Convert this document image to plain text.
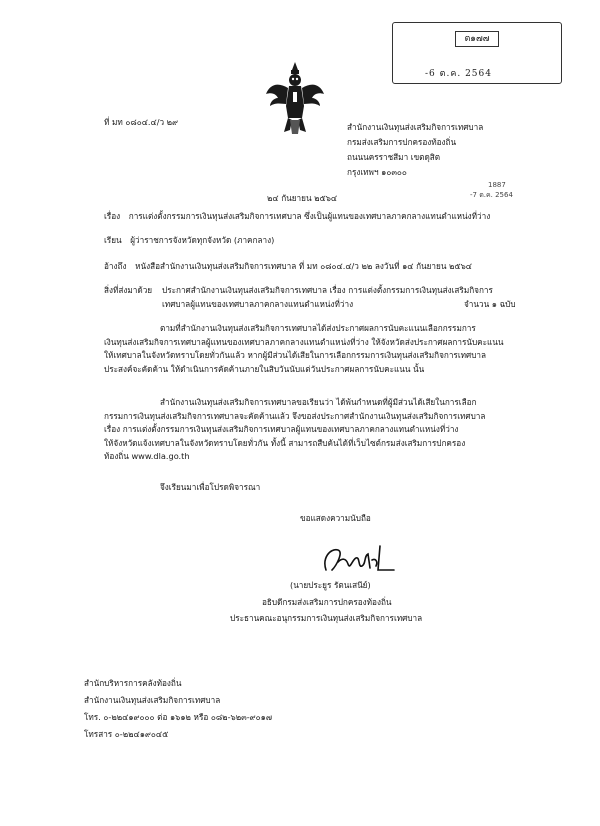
ต๑๗๗
-6 ต.ค. 2564
ที่ มท ๐๘๐๔.๔/ว ๒๙	สำนักงานเงินทุนส่งเสริมกิจการเทศบาล
กรมส่งเสริมการปกครองท้องถิ่น
ถนนนครราชสีมา เขตดุสิต
กรุงเทพฯ ๑๐๓๐๐
1887
-7 ต.ค. 2564
๒๔ กันยายน ๒๕๖๔
เรื่อง การแต่งตั้งกรรมการเงินทุนส่งเสริมกิจการเทศบาล ซึ่งเป็นผู้แทนของเทศบาลภาคกลางแทนตำแหน่งที่ว่าง
เรียน ผู้ว่าราชการจังหวัดทุกจังหวัด (ภาคกลาง)
อ้างถึง หนังสือสำนักงานเงินทุนส่งเสริมกิจการเทศบาล ที่ มท ๐๘๐๔.๔/ว ๒๒ ลงวันที่ ๑๔ กันยายน ๒๕๖๔
สิ่งที่ส่งมาด้วย ประกาศสำนักงานเงินทุนส่งเสริมกิจการเทศบาล เรื่อง การแต่งตั้งกรรมการเงินทุนส่งเสริมกิจการ
เทศบาลผู้แทนของเทศบาลภาคกลางแทนตำแหน่งที่ว่าง	จำนวน ๑ ฉบับ
ตามที่สำนักงานเงินทุนส่งเสริมกิจการเทศบาลได้ส่งประกาศผลการนับคะแนนเลือกกรรมการ
เงินทุนส่งเสริมกิจการเทศบาลผู้แทนของเทศบาลภาคกลางแทนตำแหน่งที่ว่าง ให้จังหวัดส่งประกาศผลการนับคะแนน
ให้เทศบาลในจังหวัดทราบโดยทั่วกันแล้ว หากผู้มีส่วนได้เสียในการเลือกกรรมการเงินทุนส่งเสริมกิจการเทศบาล
ประสงค์จะคัดค้าน ให้ดำเนินการคัดค้านภายในสิบวันนับแต่วันประกาศผลการนับคะแนน นั้น
สำนักงานเงินทุนส่งเสริมกิจการเทศบาลขอเรียนว่า ได้พ้นกำหนดที่ผู้มีส่วนได้เสียในการเลือก
กรรมการเงินทุนส่งเสริมกิจการเทศบาลจะคัดค้านแล้ว จึงขอส่งประกาศสำนักงานเงินทุนส่งเสริมกิจการเทศบาล
เรื่อง การแต่งตั้งกรรมการเงินทุนส่งเสริมกิจการเทศบาลผู้แทนของเทศบาลภาคกลางแทนตำแหน่งที่ว่าง
ให้จังหวัดแจ้งเทศบาลในจังหวัดทราบโดยทั่วกัน ทั้งนี้ สามารถสืบค้นได้ที่เว็บไซต์กรมส่งเสริมการปกครอง
ท้องถิ่น www.dla.go.th
จึงเรียนมาเพื่อโปรดพิจารณา
ขอแสดงความนับถือ
(นายประยูร รัตนเสนีย์)
อธิบดีกรมส่งเสริมการปกครองท้องถิ่น
ประธานคณะอนุกรรมการเงินทุนส่งเสริมกิจการเทศบาล
สำนักบริหารการคลังท้องถิ่น
สำนักงานเงินทุนส่งเสริมกิจการเทศบาล
โทร. ๐-๒๒๔๑๙๐๐๐ ต่อ ๑๖๑๒ หรือ ๐๘๒-๖๒๓-๙๐๑๗
โทรสาร ๐-๒๒๔๑๙๐๔๕
